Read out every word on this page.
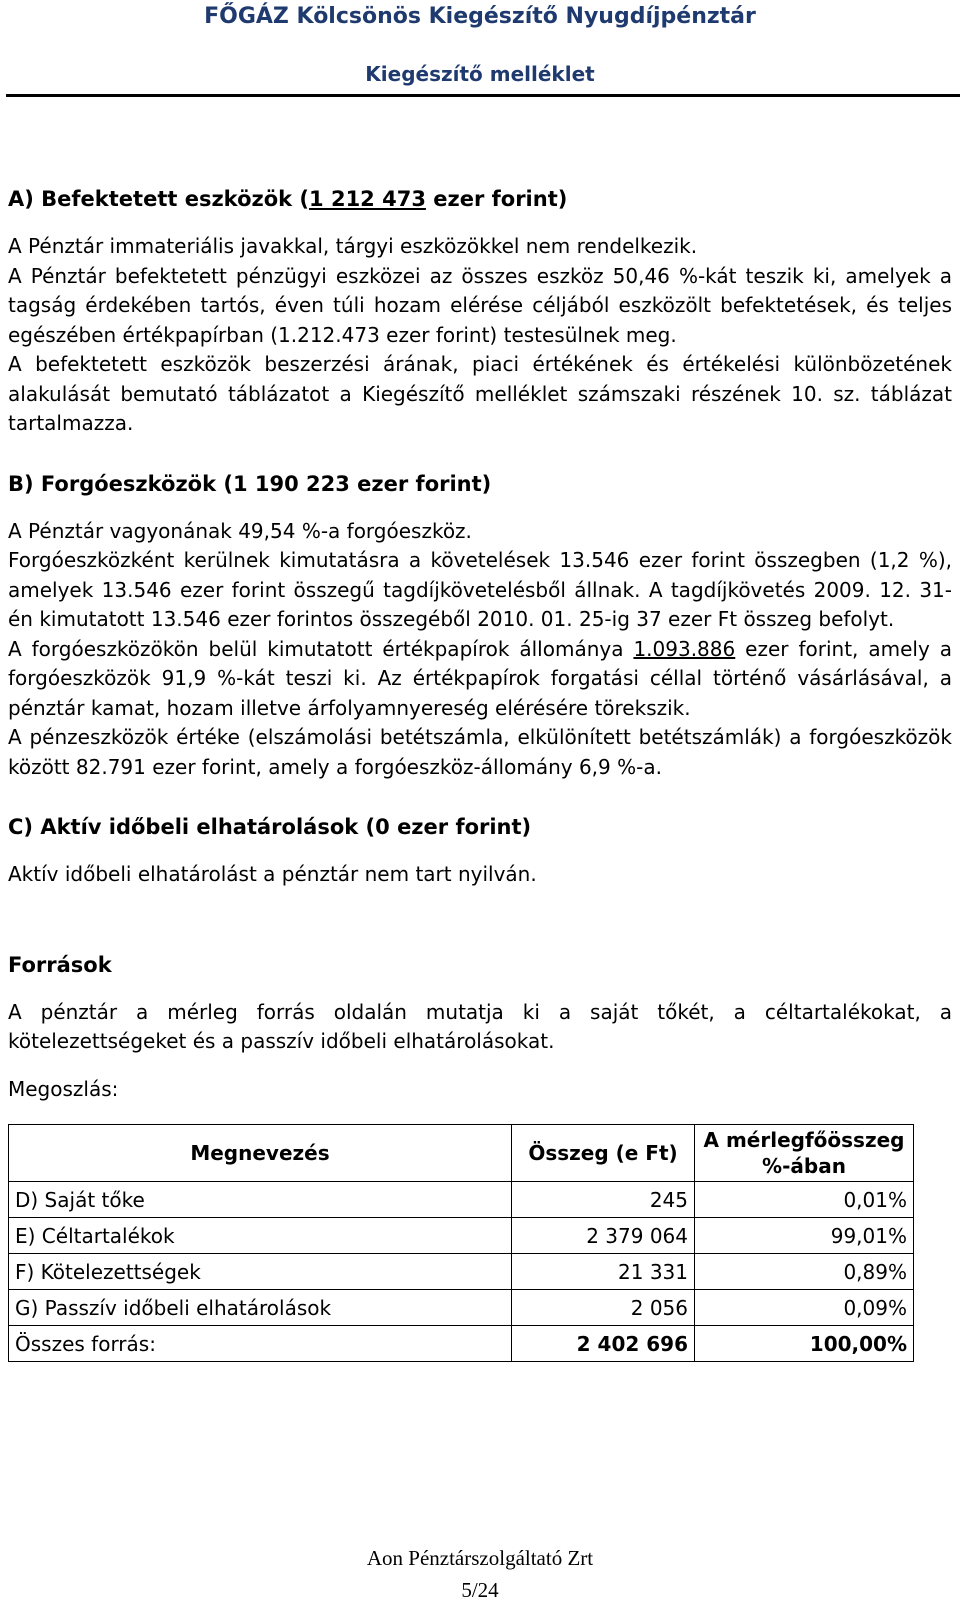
FŐGÁZ Kölcsönös Kiegészítő Nyugdíjpénztár
Kiegészítő melléklet
A) Befektetett eszközök (1 212 473 ezer forint)

A Pénztár immateriális javakkal, tárgyi eszközökkel nem rendelkezik.

A Pénztár befektetett pénzügyi eszközei az összes eszköz 50,46 %-kát teszik ki, amelyek a tagság érdekében tartós, éven túli hozam elérése céljából eszközölt befektetések, és teljes egészében értékpapírban (1.212.473 ezer forint) testesülnek meg.

A befektetett eszközök beszerzési árának, piaci értékének és értékelési különbözetének alakulását bemutató táblázatot a Kiegészítő melléklet számszaki részének 10. sz. táblázat tartalmazza.

B) Forgóeszközök (1 190 223 ezer forint)

A Pénztár vagyonának 49,54 %-a forgóeszköz.

Forgóeszközként kerülnek kimutatásra a követelések 13.546 ezer forint összegben (1,2 %), amelyek 13.546 ezer forint összegű tagdíjkövetelésből állnak. A tagdíjkövetés 2009. 12. 31-én kimutatott 13.546 ezer forintos összegéből 2010. 01. 25-ig 37 ezer Ft összeg befolyt.

A forgóeszközökön belül kimutatott értékpapírok állománya 1.093.886 ezer forint, amely a forgóeszközök 91,9 %-kát teszi ki. Az értékpapírok forgatási céllal történő vásárlásával, a pénztár kamat, hozam illetve árfolyamnyereség elérésére törekszik.

A pénzeszközök értéke (elszámolási betétszámla, elkülönített betétszámlák) a forgóeszközök között 82.791 ezer forint, amely a forgóeszköz-állomány 6,9 %-a.

C) Aktív időbeli elhatárolások (0 ezer forint)

Aktív időbeli elhatárolást a pénztár nem tart nyilván.

Források

A pénztár a mérleg forrás oldalán mutatja ki a saját tőkét, a céltartalékokat, a kötelezettségeket és a passzív időbeli elhatárolásokat.

Megoszlás:

Megnevezés	Összeg (e Ft)	A mérlegfőösszeg %-ában
D) Saját tőke	245	0,01%
E) Céltartalékok	2 379 064	99,01%
F) Kötelezettségek	21 331	0,89%
G) Passzív időbeli elhatárolások	2 056	0,09%
Összes forrás:	2 402 696	100,00%
Aon Pénztárszolgáltató Zrt
5/24
